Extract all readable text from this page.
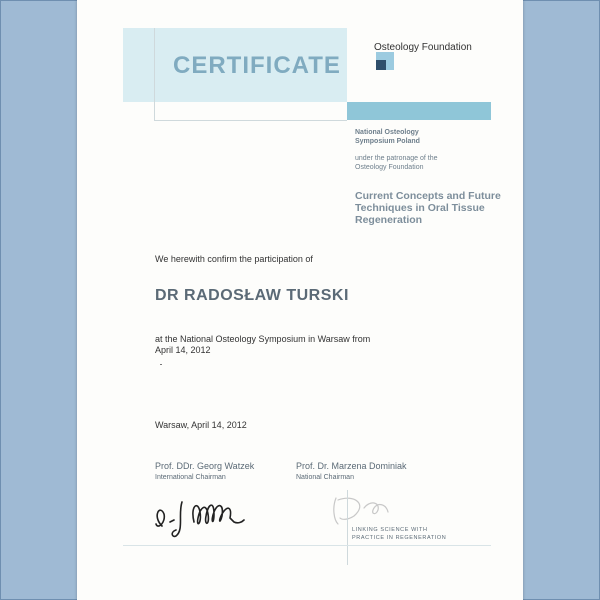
CERTIFICATE
Osteology Foundation
National Osteology
Symposium Poland
under the patronage of the
Osteology Foundation
Current Concepts and Future Techniques in Oral Tissue Regeneration
We herewith confirm the participation of
DR RADOSŁAW TURSKI
at the National Osteology Symposium in Warsaw from
April 14, 2012
Warsaw, April 14, 2012
Prof. DDr. Georg Watzek
International Chairman
Prof. Dr. Marzena Dominiak
National Chairman
LINKING SCIENCE WITH
PRACTICE IN REGENERATION
